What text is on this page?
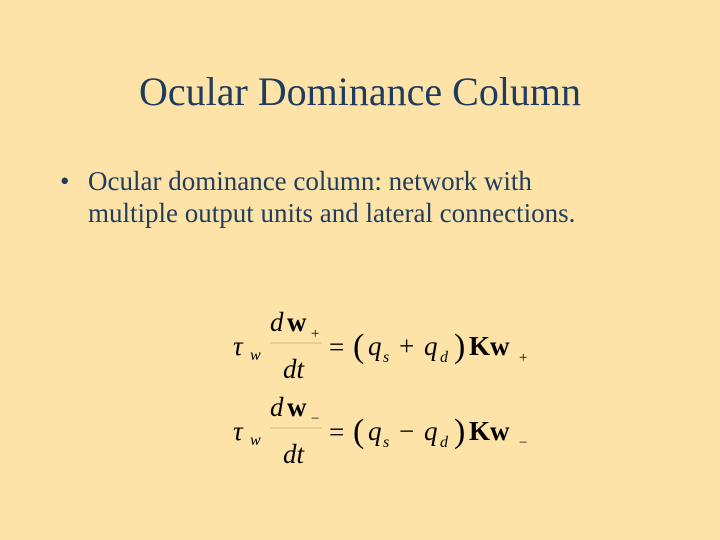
Ocular Dominance Column
• Ocular dominance column: network with
multiple output units and lateral connections.
τ w
d w +
dt
= ( q s + q d ) K w +
τ w
d w −
dt
= ( q s − q d ) K w −
